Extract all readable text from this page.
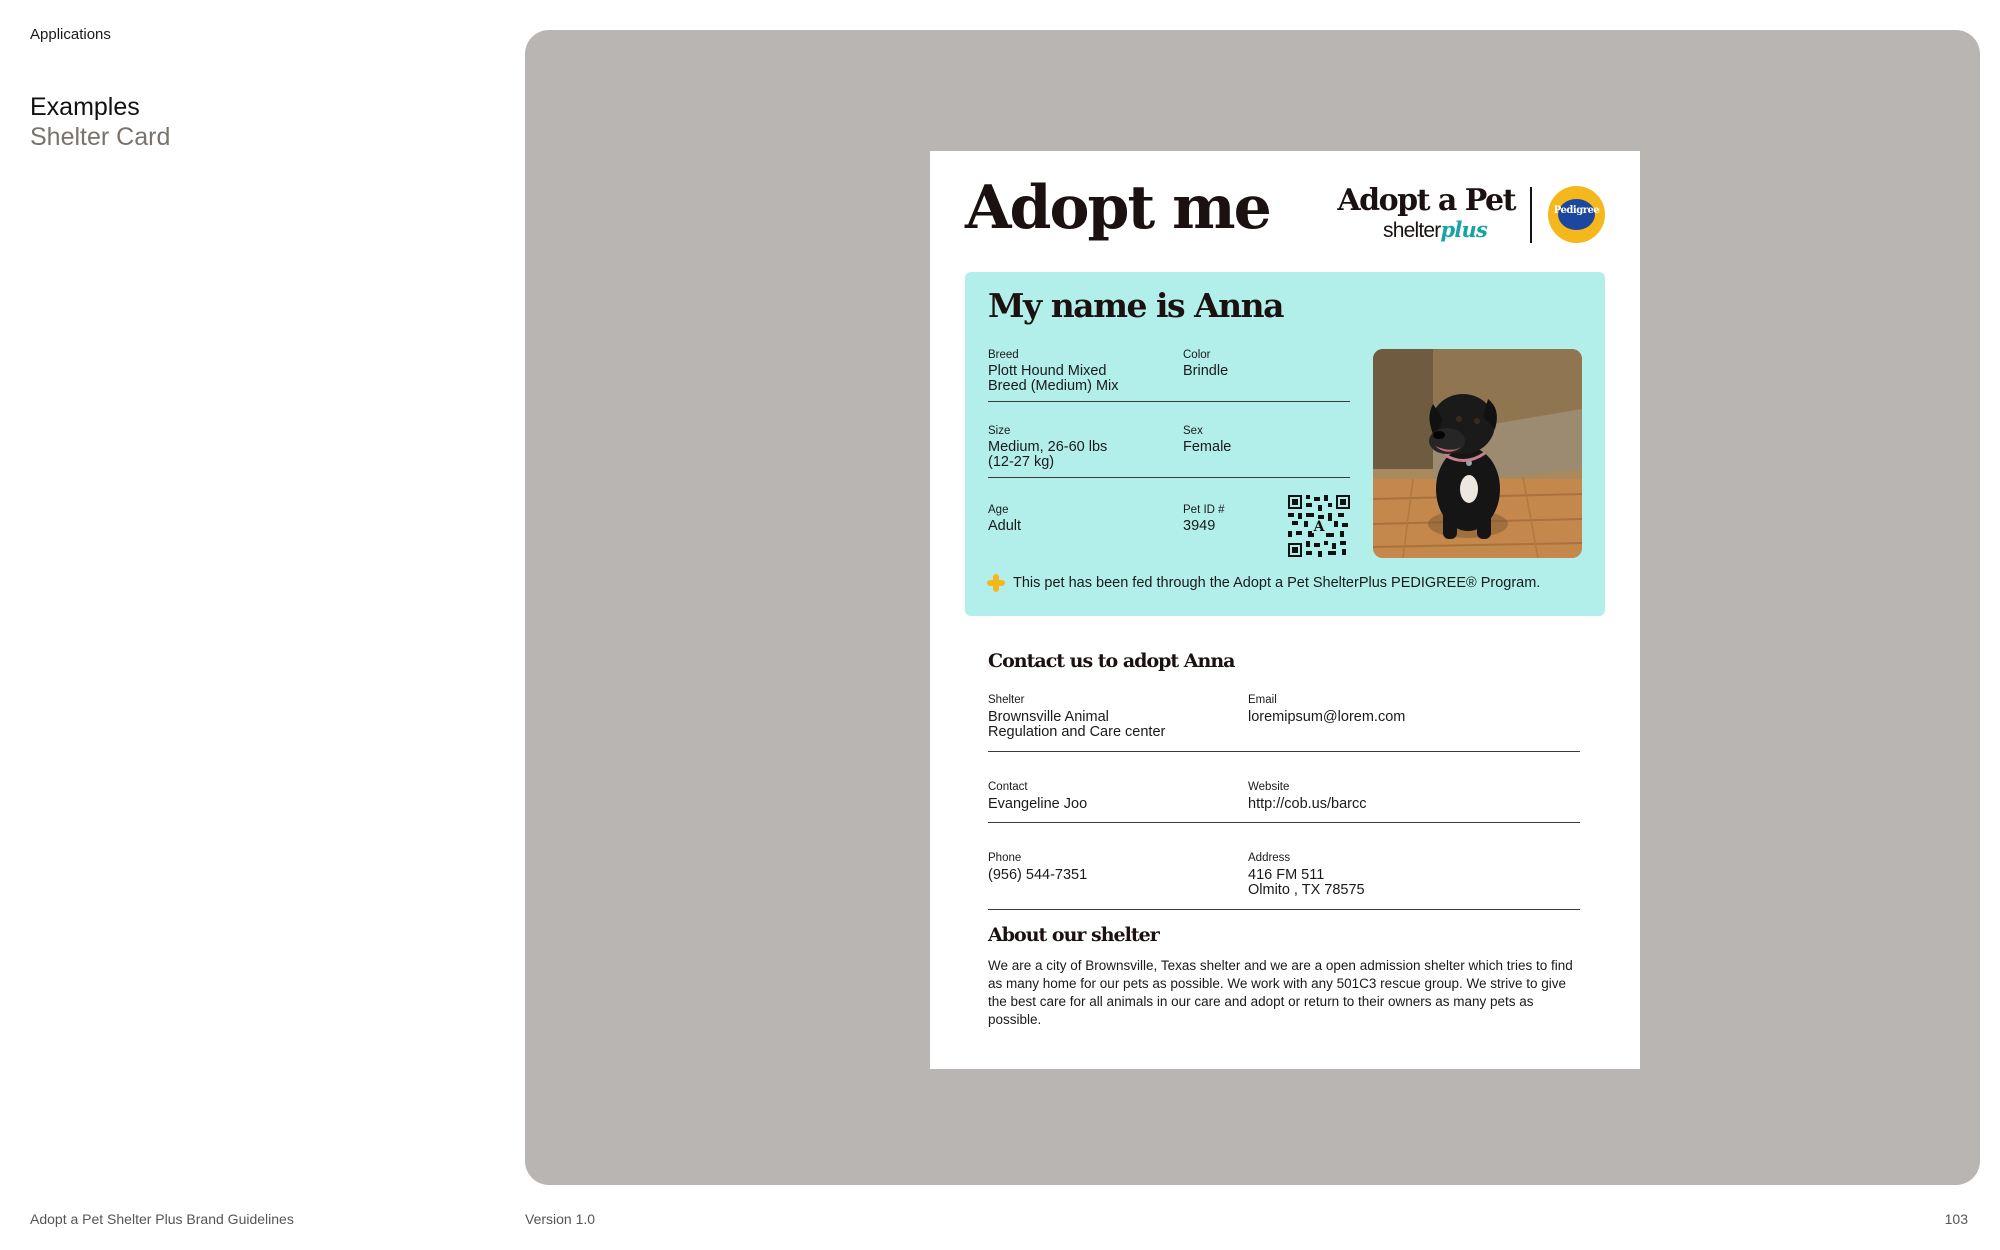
Applications
Examples
Shelter Card
Adopt me Adopt a Pet
shelterplus
Pedigree
My name is Anna
Breed
Plott Hound Mixed
Breed (Medium) Mix
Color
Brindle
Size
Medium, 26-60 lbs
(12-27 kg)
Sex
Female
Age
Adult
Pet ID #
3949	A
This pet has been fed through the Adopt a Pet ShelterPlus PEDIGREE® Program.
Contact us to adopt Anna
Shelter
Brownsville Animal
Regulation and Care center
Email
loremipsum@lorem.com
Contact
Evangeline Joo
Website
http://cob.us/barcc
Phone
(956) 544-7351
Address
416 FM 511
Olmito , TX 78575
About our shelter
We are a city of Brownsville, Texas shelter and we are a open admission shelter which tries to find as many home for our pets as possible. We work with any 501C3 rescue group. We strive to give the best care for all animals in our care and adopt or return to their owners as many pets as possible.
Adopt a Pet Shelter Plus Brand Guidelines	Version 1.0	103
